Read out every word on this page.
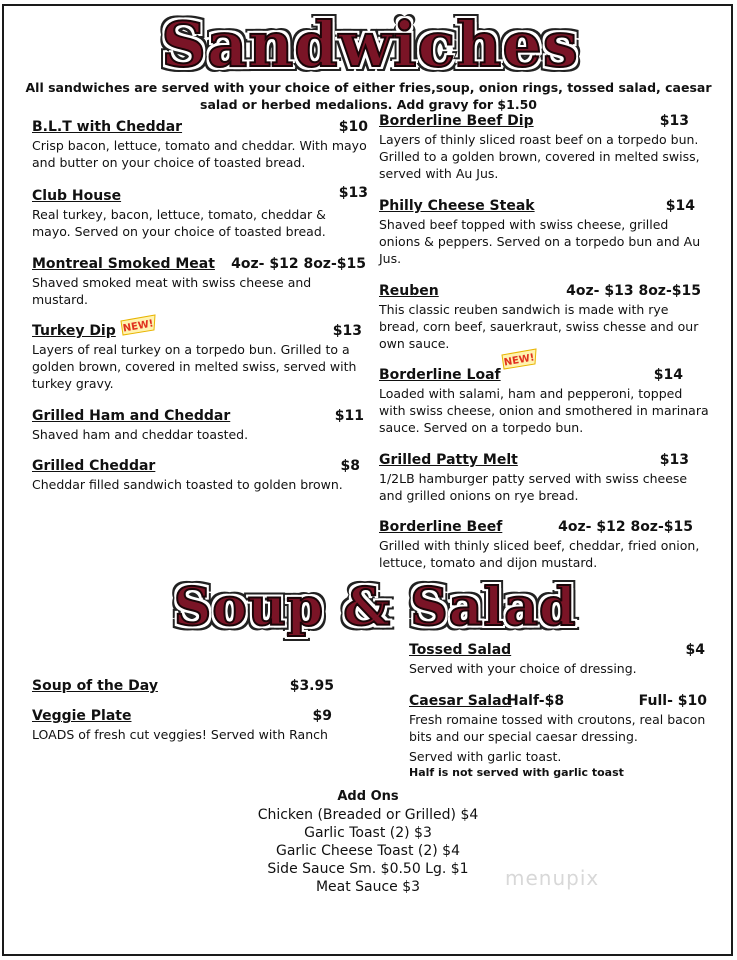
Sandwiches
All sandwiches are served with your choice of either fries,soup, onion rings, tossed salad, caesar salad or herbed medalions. Add gravy for $1.50
B.L.T with Cheddar	$10
Crisp bacon, lettuce, tomato and cheddar. With mayo and butter on your choice of toasted bread.
Club House	$13
Real turkey, bacon, lettuce, tomato, cheddar & mayo. Served on your choice of toasted bread.
Montreal Smoked Meat 4oz- $12 8oz-$15
Shaved smoked meat with swiss cheese and mustard.
Turkey Dip	$13
Layers of real turkey on a torpedo bun. Grilled to a golden brown, covered in melted swiss, served with turkey gravy.
NEW!
Grilled Ham and Cheddar	$11
Shaved ham and cheddar toasted.
Grilled Cheddar	$8
Cheddar filled sandwich toasted to golden brown.
Borderline Beef Dip	$13
Layers of thinly sliced roast beef on a torpedo bun. Grilled to a golden brown, covered in melted swiss, served with Au Jus.
Philly Cheese Steak	$14
Shaved beef topped with swiss cheese, grilled onions & peppers. Served on a torpedo bun and Au Jus.
Reuben	4oz- $13 8oz-$15
This classic reuben sandwich is made with rye bread, corn beef, sauerkraut, swiss chesse and our own sauce.
Borderline Loaf	$14
Loaded with salami, ham and pepperoni, topped with swiss cheese, onion and smothered in marinara sauce. Served on a torpedo bun.
NEW!
Grilled Patty Melt	$13
1/2LB hamburger patty served with swiss cheese and grilled onions on rye bread.
Borderline Beef	4oz- $12 8oz-$15
Grilled with thinly sliced beef, cheddar, fried onion, lettuce, tomato and dijon mustard.
Soup & Salad
Soup of the Day	$3.95
Veggie Plate	$9
LOADS of fresh cut veggies! Served with Ranch
Tossed Salad	$4
Served with your choice of dressing.
Caesar Salad
Half-$8	Full- $10
Fresh romaine tossed with croutons, real bacon bits and our special caesar dressing.
Served with garlic toast.
Half is not served with garlic toast
Add Ons
Chicken (Breaded or Grilled) $4
Garlic Toast (2) $3
Garlic Cheese Toast (2) $4
Side Sauce Sm. $0.50 Lg. $1
Meat Sauce $3	menupix
